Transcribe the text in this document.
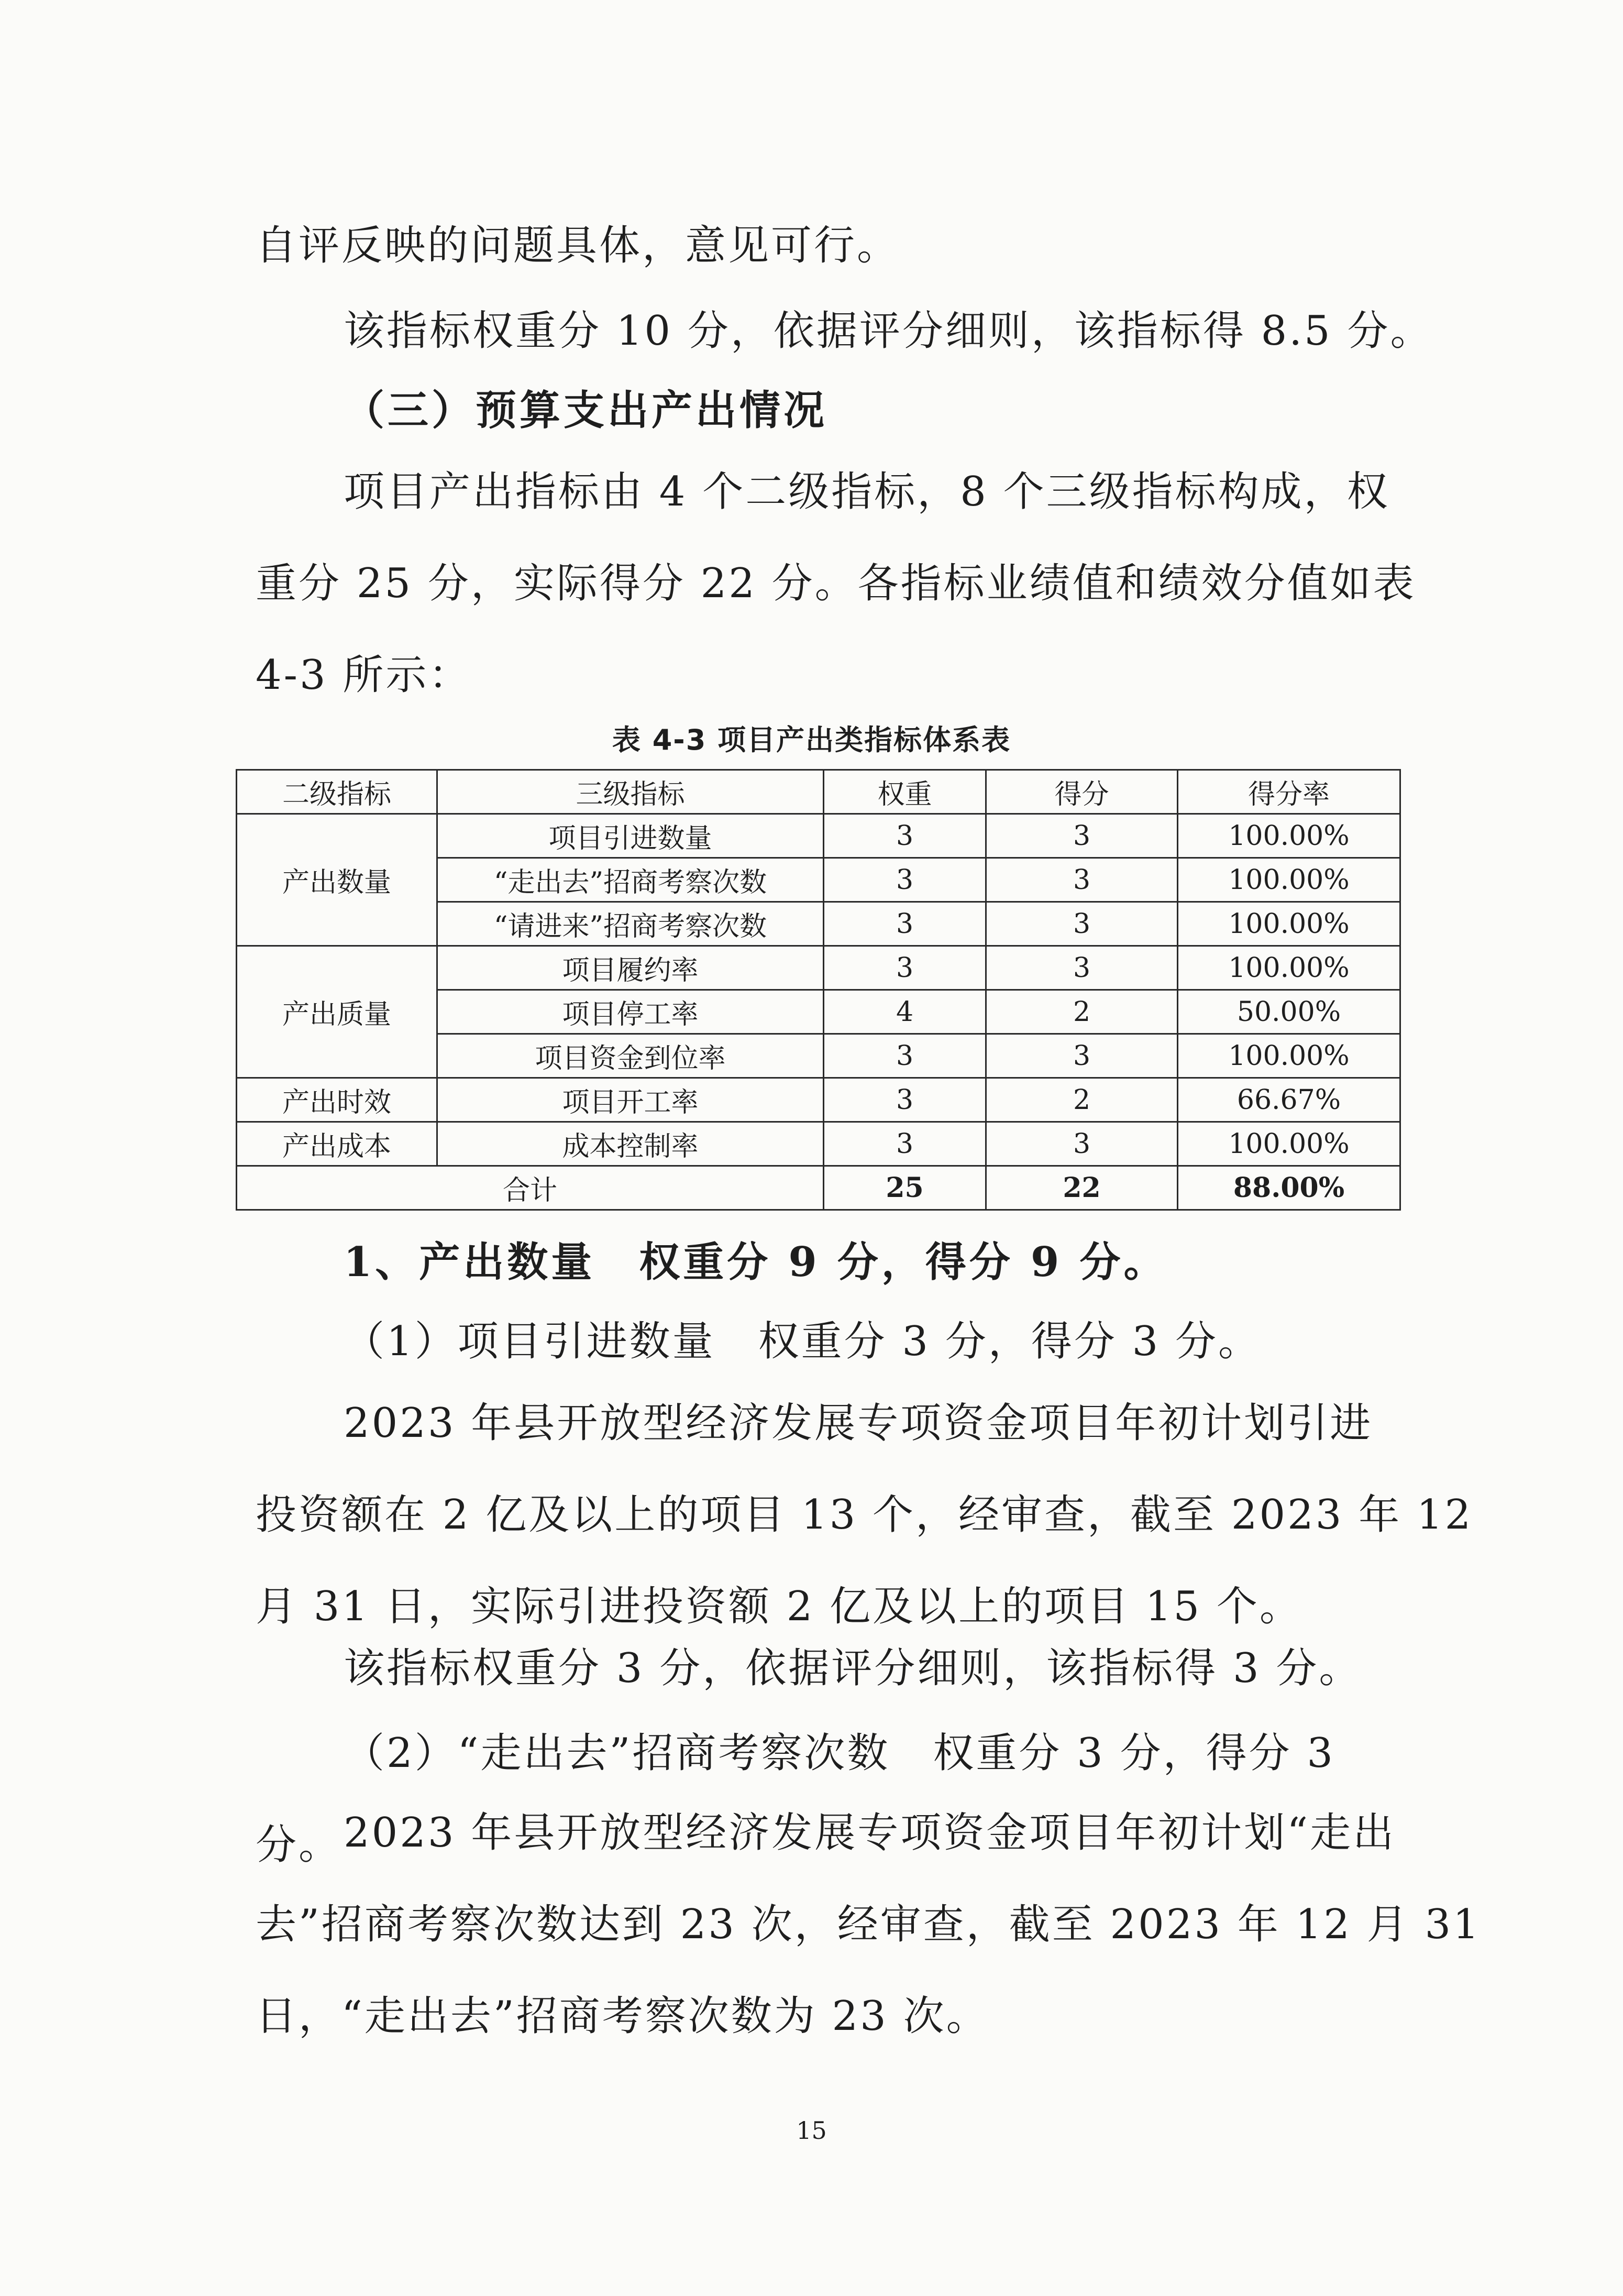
自评反映的问题具体，意见可行。
该指标权重分 10 分，依据评分细则，该指标得 8.5 分。

（三）预算支出产出情况

项目产出指标由 4 个二级指标，8 个三级指标构成，权
重分 25 分，实际得分 22 分。各指标业绩值和绩效分值如表
4-3 所示：

表 4-3 项目产出类指标体系表
二级指标	三级指标	权重	得分	得分率
产出数量	项目引进数量	3	3	100.00%
	“走出去”招商考察次数	3	3	100.00%
	“请进来”招商考察次数	3	3	100.00%
产出质量	项目履约率	3	3	100.00%
	项目停工率	4	2	50.00%
	项目资金到位率	3	3	100.00%
产出时效	项目开工率	3	2	66.67%
产出成本	成本控制率	3	3	100.00%
合计		25	22	88.00%

1、产出数量　权重分 9 分，得分 9 分。

（1）项目引进数量　权重分 3 分，得分 3 分。

2023 年县开放型经济发展专项资金项目年初计划引进
投资额在 2 亿及以上的项目 13 个，经审查，截至 2023 年 12
月 31 日，实际引进投资额 2 亿及以上的项目 15 个。

该指标权重分 3 分，依据评分细则，该指标得 3 分。

（2）“走出去”招商考察次数　权重分 3 分，得分 3 分。 2023 年县开放型经济发展专项资金项目年初计划“走出
去”招商考察次数达到 23 次，经审查，截至 2023 年 12 月 31
日，“走出去”招商考察次数为 23 次。

15
